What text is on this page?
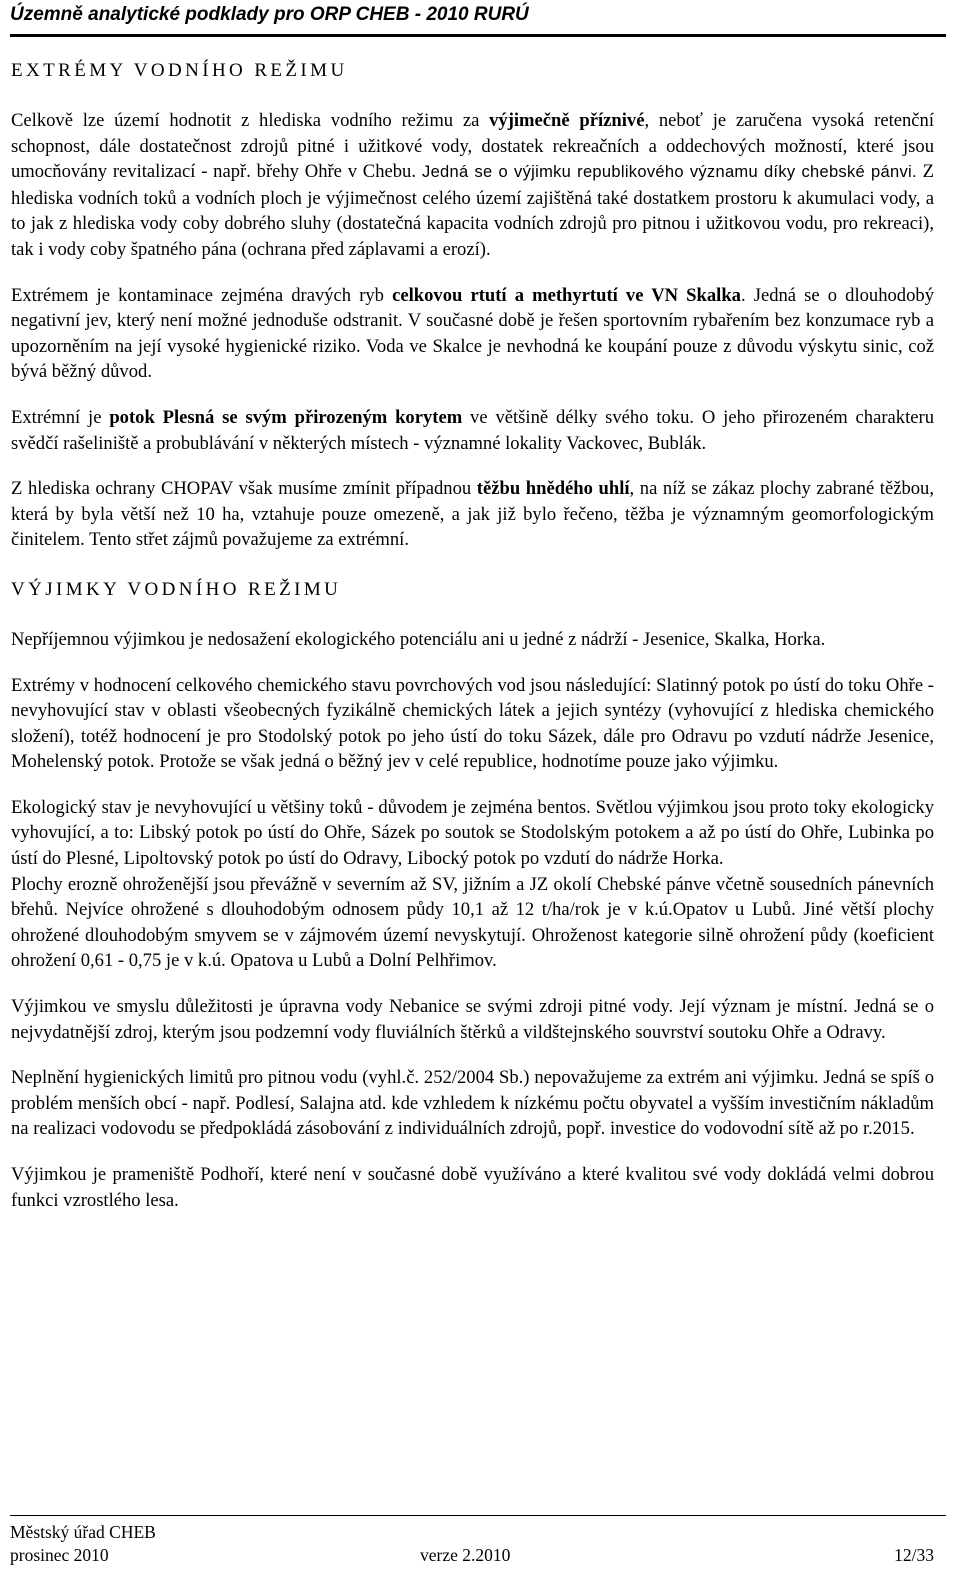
Územně analytické podklady pro ORP CHEB - 2010 RURÚ
EXTRÉMY VODNÍHO REŽIMU

Celkově lze území hodnotit z hlediska vodního režimu za výjimečně příznivé, neboť je zaručena vysoká retenční schopnost, dále dostatečnost zdrojů pitné i užitkové vody, dostatek rekreačních a oddechových možností, které jsou umocňovány revitalizací - např. břehy Ohře v Chebu. Jedná se o výjimku republikového významu díky chebské pánvi. Z hlediska vodních toků a vodních ploch je výjimečnost celého území zajištěná také dostatkem prostoru k akumulaci vody, a to jak z hlediska vody coby dobrého sluhy (dostatečná kapacita vodních zdrojů pro pitnou i užitkovou vodu, pro rekreaci), tak i vody coby špatného pána (ochrana před záplavami a erozí).

Extrémem je kontaminace zejména dravých ryb celkovou rtutí a methyrtutí ve VN Skalka. Jedná se o dlouhodobý negativní jev, který není možné jednoduše odstranit. V současné době je řešen sportovním rybařením bez konzumace ryb a upozorněním na její vysoké hygienické riziko. Voda ve Skalce je nevhodná ke koupání pouze z důvodu výskytu sinic, což bývá běžný důvod.

Extrémní je potok Plesná se svým přirozeným korytem ve většině délky svého toku. O jeho přirozeném charakteru svědčí rašeliniště a probublávání v některých místech - významné lokality Vackovec, Bublák.

Z hlediska ochrany CHOPAV však musíme zmínit případnou těžbu hnědého uhlí, na níž se zákaz plochy zabrané těžbou, která by byla větší než 10 ha, vztahuje pouze omezeně, a jak již bylo řečeno, těžba je významným geomorfologickým činitelem. Tento střet zájmů považujeme za extrémní.

VÝJIMKY VODNÍHO REŽIMU

Nepříjemnou výjimkou je nedosažení ekologického potenciálu ani u jedné z nádrží - Jesenice, Skalka, Horka.

Extrémy v hodnocení celkového chemického stavu povrchových vod jsou následující: Slatinný potok po ústí do toku Ohře - nevyhovující stav v oblasti všeobecných fyzikálně chemických látek a jejich syntézy (vyhovující z hlediska chemického složení), totéž hodnocení je pro Stodolský potok po jeho ústí do toku Sázek, dále pro Odravu po vzdutí nádrže Jesenice, Mohelenský potok. Protože se však jedná o běžný jev v celé republice, hodnotíme pouze jako výjimku.

Ekologický stav je nevyhovující u většiny toků - důvodem je zejména bentos. Světlou výjimkou jsou proto toky ekologicky vyhovující, a to: Libský potok po ústí do Ohře, Sázek po soutok se Stodolským potokem a až po ústí do Ohře, Lubinka po ústí do Plesné, Lipoltovský potok po ústí do Odravy, Libocký potok po vzdutí do nádrže Horka.

Plochy erozně ohroženější jsou převážně v severním až SV, jižním a JZ okolí Chebské pánve včetně sousedních pánevních břehů. Nejvíce ohrožené s dlouhodobým odnosem půdy 10,1 až 12 t/ha/rok je v k.ú.Opatov u Lubů. Jiné větší plochy ohrožené dlouhodobým smyvem se v zájmovém území nevyskytují. Ohroženost kategorie silně ohrožení půdy (koeficient ohrožení 0,61 - 0,75 je v k.ú. Opatova u Lubů a Dolní Pelhřimov.

Výjimkou ve smyslu důležitosti je úpravna vody Nebanice se svými zdroji pitné vody. Její význam je místní. Jedná se o nejvydatnější zdroj, kterým jsou podzemní vody fluviálních štěrků a vildštejnského souvrství soutoku Ohře a Odravy.

Neplnění hygienických limitů pro pitnou vodu (vyhl.č. 252/2004 Sb.) nepovažujeme za extrém ani výjimku. Jedná se spíš o problém menších obcí - např. Podlesí, Salajna atd. kde vzhledem k nízkému počtu obyvatel a vyšším investičním nákladům na realizaci vodovodu se předpokládá zásobování z individuálních zdrojů, popř. investice do vodovodní sítě až po r.2015.

Výjimkou je prameniště Podhoří, které není v současné době využíváno a které kvalitou své vody dokládá velmi dobrou funkci vzrostlého lesa.

Městský úřad CHEB
prosinec 2010	verze 2.2010	12/33
